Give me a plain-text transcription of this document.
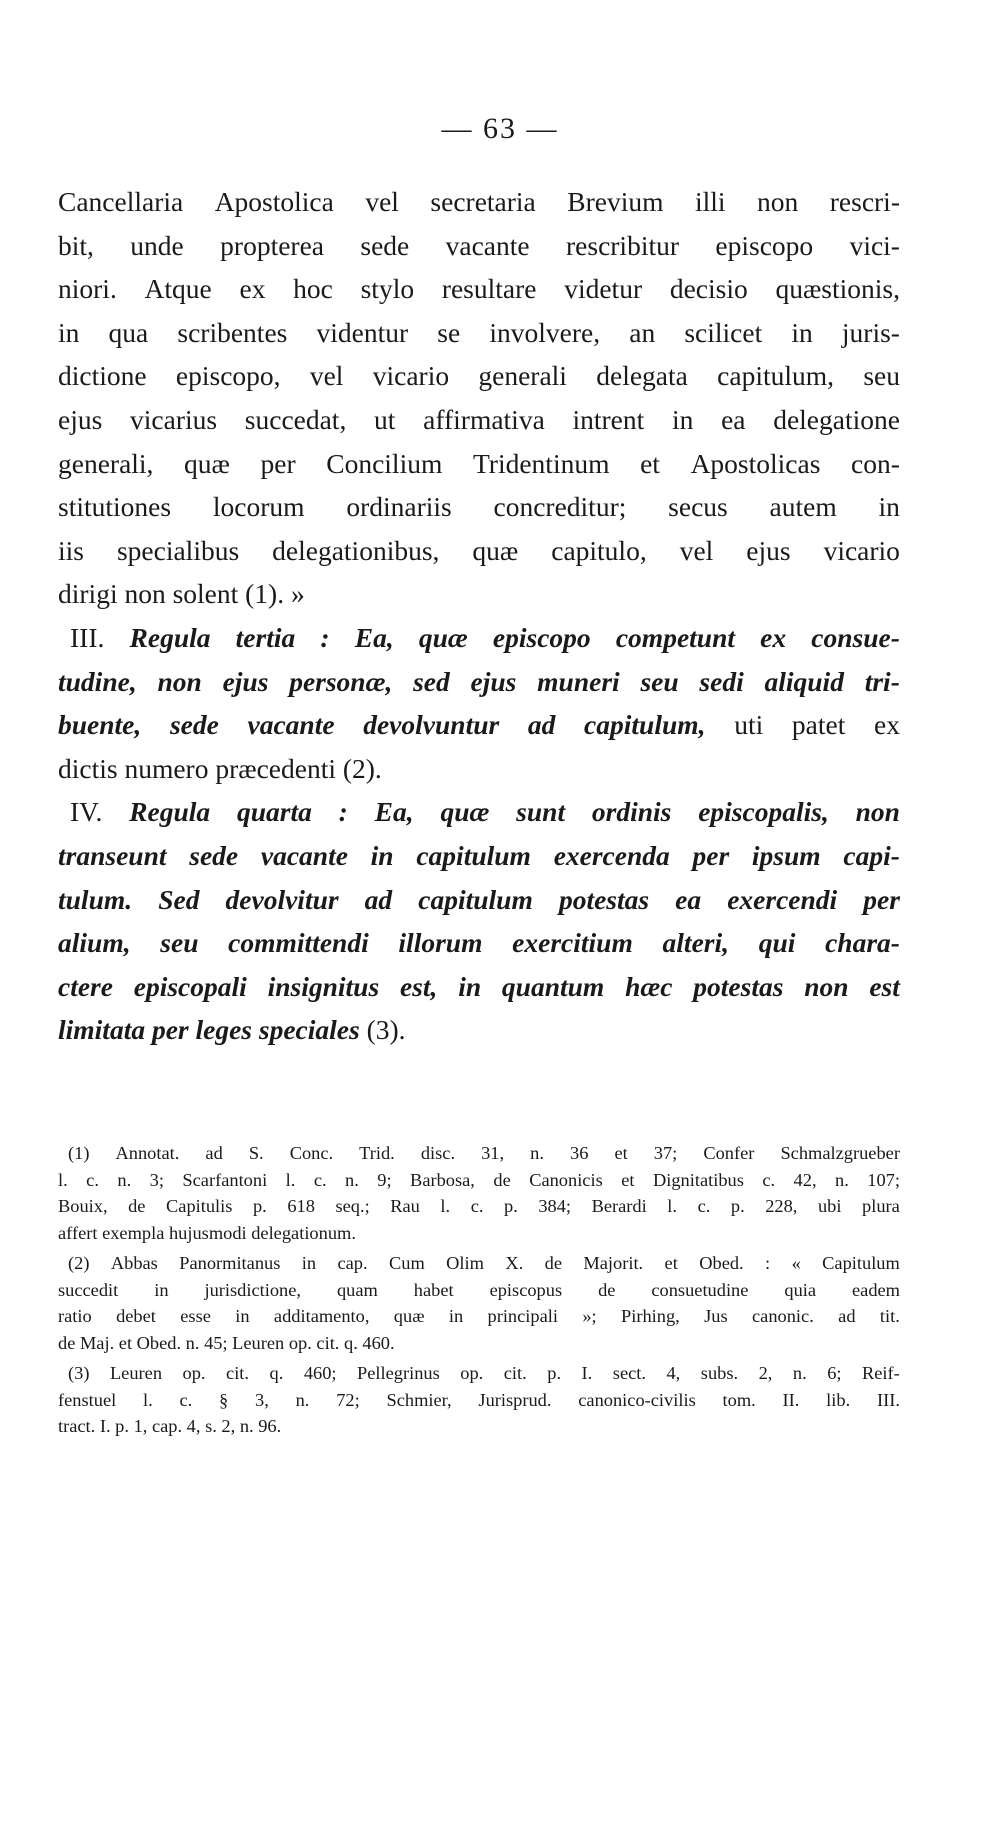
— 63 —
Cancellaria Apostolica vel secretaria Brevium illi non rescri-
bit, unde propterea sede vacante rescribitur episcopo vici-
niori. Atque ex hoc stylo resultare videtur decisio quæstionis,
in qua scribentes videntur se involvere, an scilicet in juris-
dictione episcopo, vel vicario generali delegata capitulum, seu
ejus vicarius succedat, ut affirmativa intrent in ea delegatione
generali, quæ per Concilium Tridentinum et Apostolicas con-
stitutiones locorum ordinariis concreditur; secus autem in
iis specialibus delegationibus, quæ capitulo, vel ejus vicario
dirigi non solent (1). »
III. Regula tertia : Ea, quæ episcopo competunt ex consue-
tudine, non ejus personæ, sed ejus muneri seu sedi aliquid tri-
buente, sede vacante devolvuntur ad capitulum, uti patet ex
dictis numero præcedenti (2).
IV. Regula quarta : Ea, quæ sunt ordinis episcopalis, non
transeunt sede vacante in capitulum exercenda per ipsum capi-
tulum. Sed devolvitur ad capitulum potestas ea exercendi per
alium, seu committendi illorum exercitium alteri, qui chara-
ctere episcopali insignitus est, in quantum hæc potestas non est
limitata per leges speciales (3).
(1) Annotat. ad S. Conc. Trid. disc. 31, n. 36 et 37; Confer Schmalzgrueber
l. c. n. 3; Scarfantoni l. c. n. 9; Barbosa, de Canonicis et Dignitatibus c. 42, n. 107;
Bouix, de Capitulis p. 618 seq.; Rau l. c. p. 384; Berardi l. c. p. 228, ubi plura
affert exempla hujusmodi delegationum.
(2) Abbas Panormitanus in cap. Cum Olim X. de Majorit. et Obed. : « Capitulum
succedit in jurisdictione, quam habet episcopus de consuetudine quia eadem
ratio debet esse in additamento, quæ in principali »; Pirhing, Jus canonic. ad tit.
de Maj. et Obed. n. 45; Leuren op. cit. q. 460.
(3) Leuren op. cit. q. 460; Pellegrinus op. cit. p. I. sect. 4, subs. 2, n. 6; Reif-
fenstuel l. c. § 3, n. 72; Schmier, Jurisprud. canonico-civilis tom. II. lib. III.
tract. I. p. 1, cap. 4, s. 2, n. 96.
